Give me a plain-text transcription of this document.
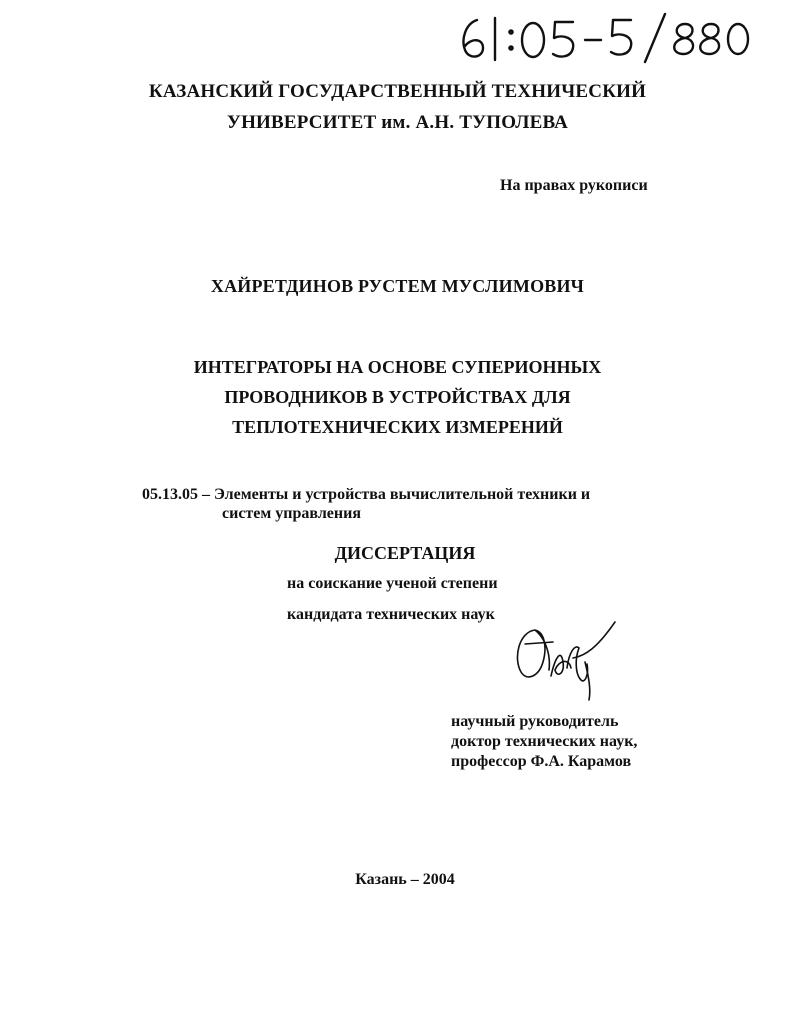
КАЗАНСКИЙ ГОСУДАРСТВЕННЫЙ ТЕХНИЧЕСКИЙ
УНИВЕРСИТЕТ им. А.Н. ТУПОЛЕВА
На правах рукописи
ХАЙРЕТДИНОВ РУСТЕМ МУСЛИМОВИЧ
ИНТЕГРАТОРЫ НА ОСНОВЕ СУПЕРИОННЫХ
ПРОВОДНИКОВ В УСТРОЙСТВАХ ДЛЯ
ТЕПЛОТЕХНИЧЕСКИХ ИЗМЕРЕНИЙ
05.13.05 – Элементы и устройства вычислительной техники и
систем управления
ДИССЕРТАЦИЯ
на соискание ученой степени
кандидата технических наук
научный руководитель
доктор технических наук,
профессор Ф.А. Карамов
Казань – 2004
